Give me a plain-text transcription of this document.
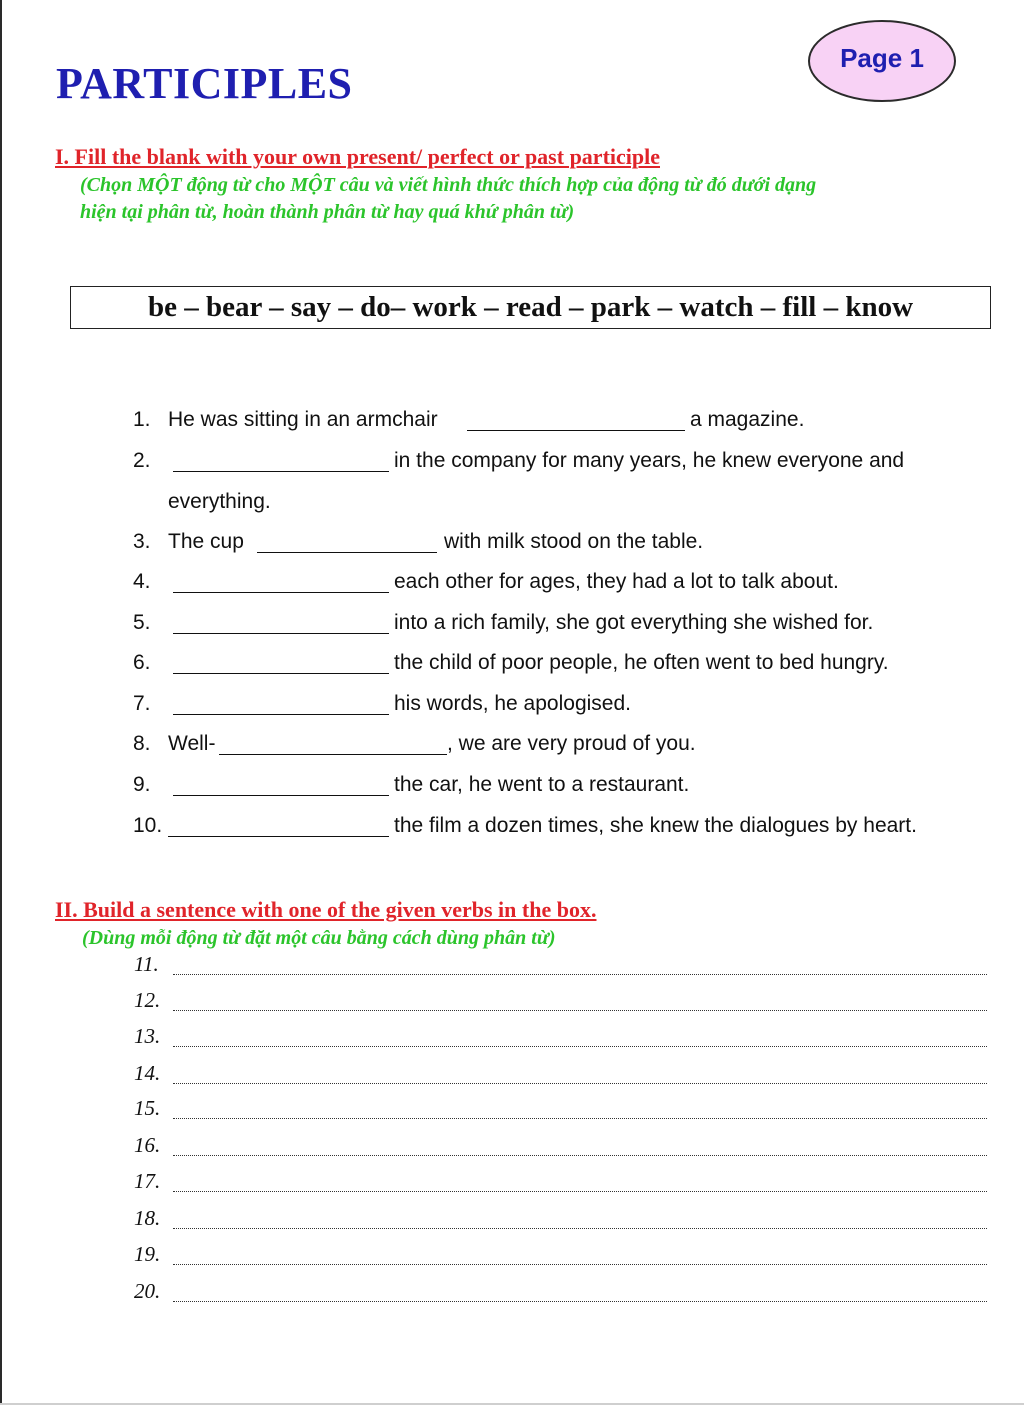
PARTICIPLES
Page 1
I. Fill the blank with your own present/ perfect or past participle
(Chọn MỘT động từ cho MỘT câu và viết hình thức thích hợp của động từ đó dưới dạng
hiện tại phân từ, hoàn thành phân từ hay quá khứ phân từ)
be – bear – say – do– work – read – park – watch – fill – know
1. He was sitting in an armchair	a magazine.
2.	in the company for many years, he knew everyone and
everything.
3. The cup	with milk stood on the table.
4.	each other for ages, they had a lot to talk about.
5.	into a rich family, she got everything she wished for.
6.	the child of poor people, he often went to bed hungry.
7.	his words, he apologised.
8. Well-	, we are very proud of you.
9.	the car, he went to a restaurant.
10.	the film a dozen times, she knew the dialogues by heart.
II. Build a sentence with one of the given verbs in the box.
(Dùng mỗi động từ đặt một câu bằng cách dùng phân từ)
11.
12.
13.
14.
15.
16.
17.
18.
19.
20.
